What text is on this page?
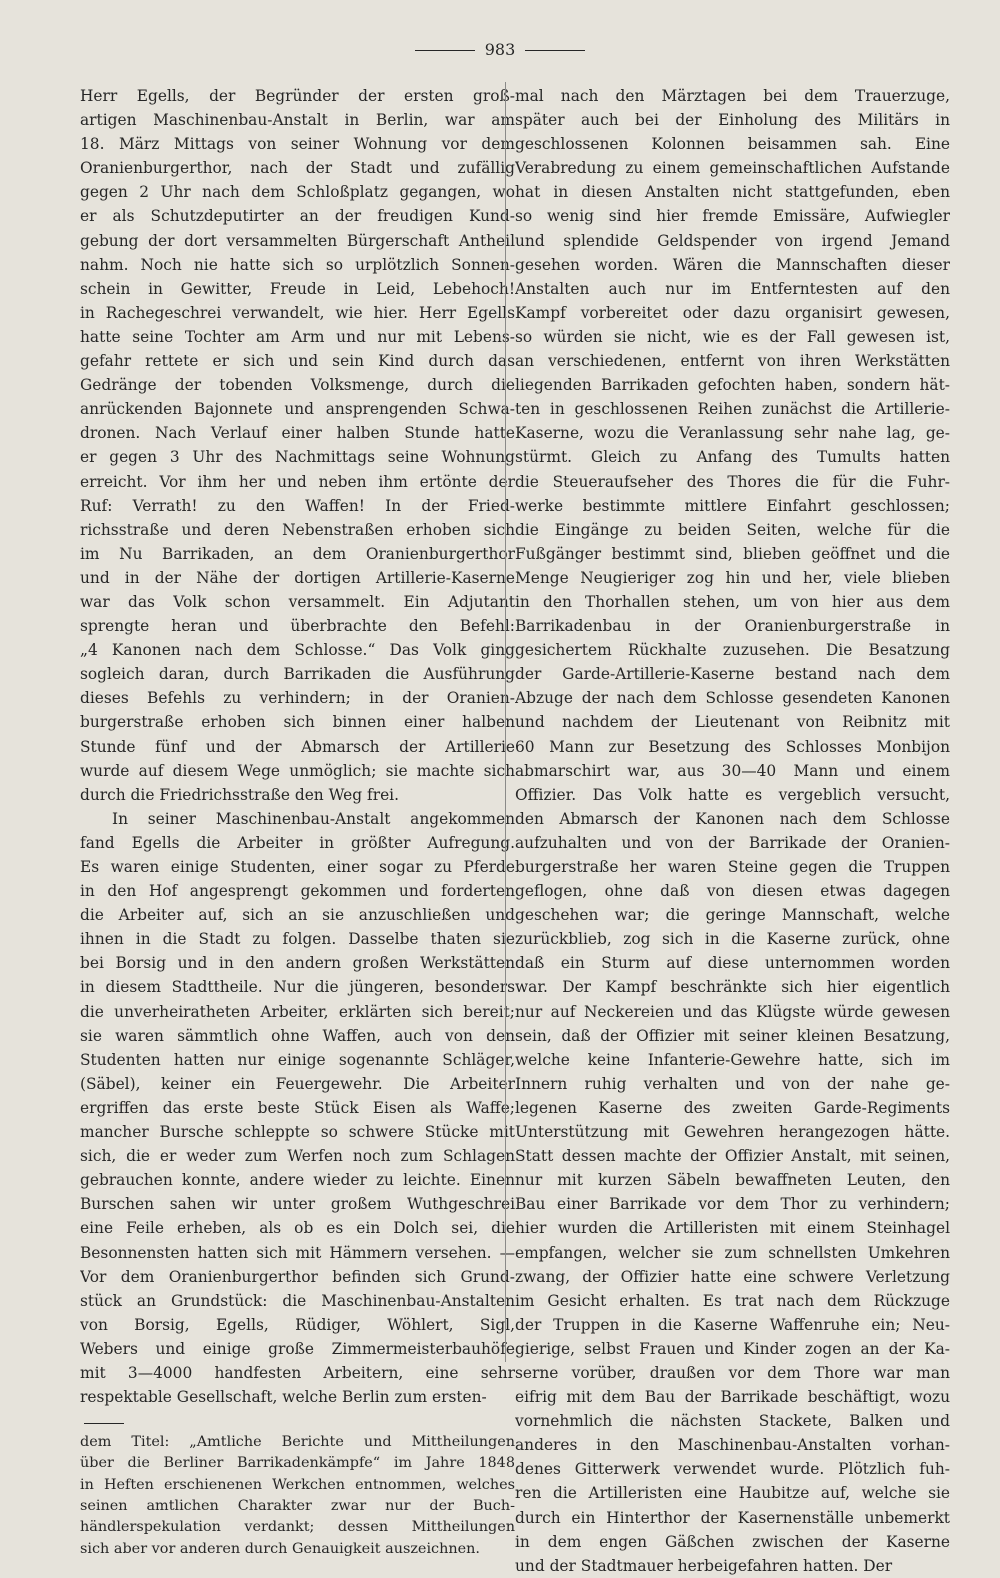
983
Herr Egells, der Begründer der ersten groß-
artigen Maschinenbau-Anstalt in Berlin, war am
18. März Mittags von seiner Wohnung vor dem
Oranienburgerthor, nach der Stadt und zufällig
gegen 2 Uhr nach dem Schloßplatz gegangen, wo
er als Schutzdeputirter an der freudigen Kund-
gebung der dort versammelten Bürgerschaft Antheil
nahm. Noch nie hatte sich so urplötzlich Sonnen-
schein in Gewitter, Freude in Leid, Lebehoch!
in Rachegeschrei verwandelt, wie hier. Herr Egells
hatte seine Tochter am Arm und nur mit Lebens-
gefahr rettete er sich und sein Kind durch das
Gedränge der tobenden Volksmenge, durch die
anrückenden Bajonnete und ansprengenden Schwa-
dronen. Nach Verlauf einer halben Stunde hatte
er gegen 3 Uhr des Nachmittags seine Wohnung
erreicht. Vor ihm her und neben ihm ertönte der
Ruf: Verrath! zu den Waffen! In der Fried-
richsstraße und deren Nebenstraßen erhoben sich
im Nu Barrikaden, an dem Oranienburgerthor
und in der Nähe der dortigen Artillerie-Kaserne
war das Volk schon versammelt. Ein Adjutant
sprengte heran und überbrachte den Befehl:
„4 Kanonen nach dem Schlosse.“ Das Volk ging
sogleich daran, durch Barrikaden die Ausführung
dieses Befehls zu verhindern; in der Oranien-
burgerstraße erhoben sich binnen einer halben
Stunde fünf und der Abmarsch der Artillerie
wurde auf diesem Wege unmöglich; sie machte sich
durch die Friedrichsstraße den Weg frei.
In seiner Maschinenbau-Anstalt angekommen
fand Egells die Arbeiter in größter Aufregung.
Es waren einige Studenten, einer sogar zu Pferde
in den Hof angesprengt gekommen und forderten
die Arbeiter auf, sich an sie anzuschließen und
ihnen in die Stadt zu folgen. Dasselbe thaten sie
bei Borsig und in den andern großen Werkstätten
in diesem Stadttheile. Nur die jüngeren, besonders
die unverheiratheten Arbeiter, erklärten sich bereit;
sie waren sämmtlich ohne Waffen, auch von den
Studenten hatten nur einige sogenannte Schläger,
(Säbel), keiner ein Feuergewehr. Die Arbeiter
ergriffen das erste beste Stück Eisen als Waffe;
mancher Bursche schleppte so schwere Stücke mit
sich, die er weder zum Werfen noch zum Schlagen
gebrauchen konnte, andere wieder zu leichte. Einen
Burschen sahen wir unter großem Wuthgeschrei
eine Feile erheben, als ob es ein Dolch sei, die
Besonnensten hatten sich mit Hämmern versehen. —
Vor dem Oranienburgerthor befinden sich Grund-
stück an Grundstück: die Maschinenbau-Anstalten
von Borsig, Egells, Rüdiger, Wöhlert, Sigl,
Webers und einige große Zimmermeisterbauhöfe
mit 3—4000 handfesten Arbeitern, eine sehr
respektable Gesellschaft, welche Berlin zum ersten-
dem Titel: „Amtliche Berichte und Mittheilungen
über die Berliner Barrikadenkämpfe“ im Jahre 1848
in Heften erschienenen Werkchen entnommen, welches
seinen amtlichen Charakter zwar nur der Buch-
händlerspekulation verdankt; dessen Mittheilungen
sich aber vor anderen durch Genauigkeit auszeichnen.
mal nach den Märztagen bei dem Trauerzuge,
später auch bei der Einholung des Militärs in
geschlossenen Kolonnen beisammen sah. Eine
Verabredung zu einem gemeinschaftlichen Aufstande
hat in diesen Anstalten nicht stattgefunden, eben
so wenig sind hier fremde Emissäre, Aufwiegler
und splendide Geldspender von irgend Jemand
gesehen worden. Wären die Mannschaften dieser
Anstalten auch nur im Entferntesten auf den
Kampf vorbereitet oder dazu organisirt gewesen,
so würden sie nicht, wie es der Fall gewesen ist,
an verschiedenen, entfernt von ihren Werkstätten
liegenden Barrikaden gefochten haben, sondern hät-
ten in geschlossenen Reihen zunächst die Artillerie-
Kaserne, wozu die Veranlassung sehr nahe lag, ge-
stürmt. Gleich zu Anfang des Tumults hatten
die Steueraufseher des Thores die für die Fuhr-
werke bestimmte mittlere Einfahrt geschlossen;
die Eingänge zu beiden Seiten, welche für die
Fußgänger bestimmt sind, blieben geöffnet und die
Menge Neugieriger zog hin und her, viele blieben
in den Thorhallen stehen, um von hier aus dem
Barrikadenbau in der Oranienburgerstraße in
gesichertem Rückhalte zuzusehen. Die Besatzung
der Garde-Artillerie-Kaserne bestand nach dem
Abzuge der nach dem Schlosse gesendeten Kanonen
und nachdem der Lieutenant von Reibnitz mit
60 Mann zur Besetzung des Schlosses Monbijon
abmarschirt war, aus 30—40 Mann und einem
Offizier. Das Volk hatte es vergeblich versucht,
den Abmarsch der Kanonen nach dem Schlosse
aufzuhalten und von der Barrikade der Oranien-
burgerstraße her waren Steine gegen die Truppen
geflogen, ohne daß von diesen etwas dagegen
geschehen war; die geringe Mannschaft, welche
zurückblieb, zog sich in die Kaserne zurück, ohne
daß ein Sturm auf diese unternommen worden
war. Der Kampf beschränkte sich hier eigentlich
nur auf Neckereien und das Klügste würde gewesen
sein, daß der Offizier mit seiner kleinen Besatzung,
welche keine Infanterie-Gewehre hatte, sich im
Innern ruhig verhalten und von der nahe ge-
legenen Kaserne des zweiten Garde-Regiments
Unterstützung mit Gewehren herangezogen hätte.
Statt dessen machte der Offizier Anstalt, mit seinen,
nur mit kurzen Säbeln bewaffneten Leuten, den
Bau einer Barrikade vor dem Thor zu verhindern;
hier wurden die Artilleristen mit einem Steinhagel
empfangen, welcher sie zum schnellsten Umkehren
zwang, der Offizier hatte eine schwere Verletzung
im Gesicht erhalten. Es trat nach dem Rückzuge
der Truppen in die Kaserne Waffenruhe ein; Neu-
gierige, selbst Frauen und Kinder zogen an der Ka-
serne vorüber, draußen vor dem Thore war man
eifrig mit dem Bau der Barrikade beschäftigt, wozu
vornehmlich die nächsten Stackete, Balken und
anderes in den Maschinenbau-Anstalten vorhan-
denes Gitterwerk verwendet wurde. Plötzlich fuh-
ren die Artilleristen eine Haubitze auf, welche sie
durch ein Hinterthor der Kasernenställe unbemerkt
in dem engen Gäßchen zwischen der Kaserne
und der Stadtmauer herbeigefahren hatten. Der
